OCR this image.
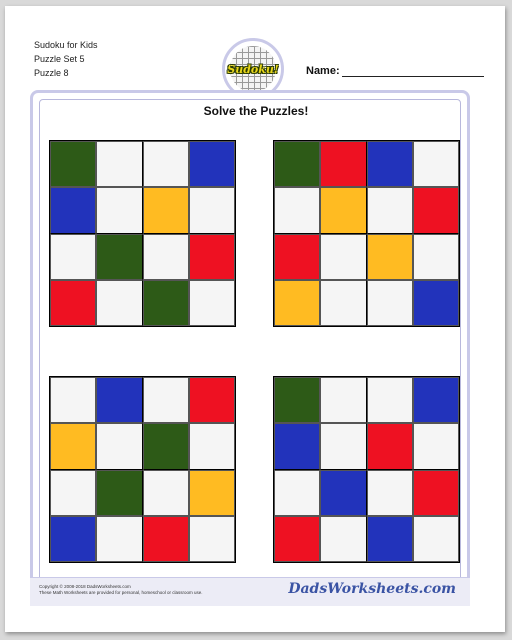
Sudoku for Kids
Puzzle Set 5
Puzzle 8	Sudoku! Name:
Solve the Puzzles!
Copyright © 2008-2018 DadsWorksheets.com
These Math Worksheets are provided for personal, homeschool or classroom use.	DadsWorksheets.com
